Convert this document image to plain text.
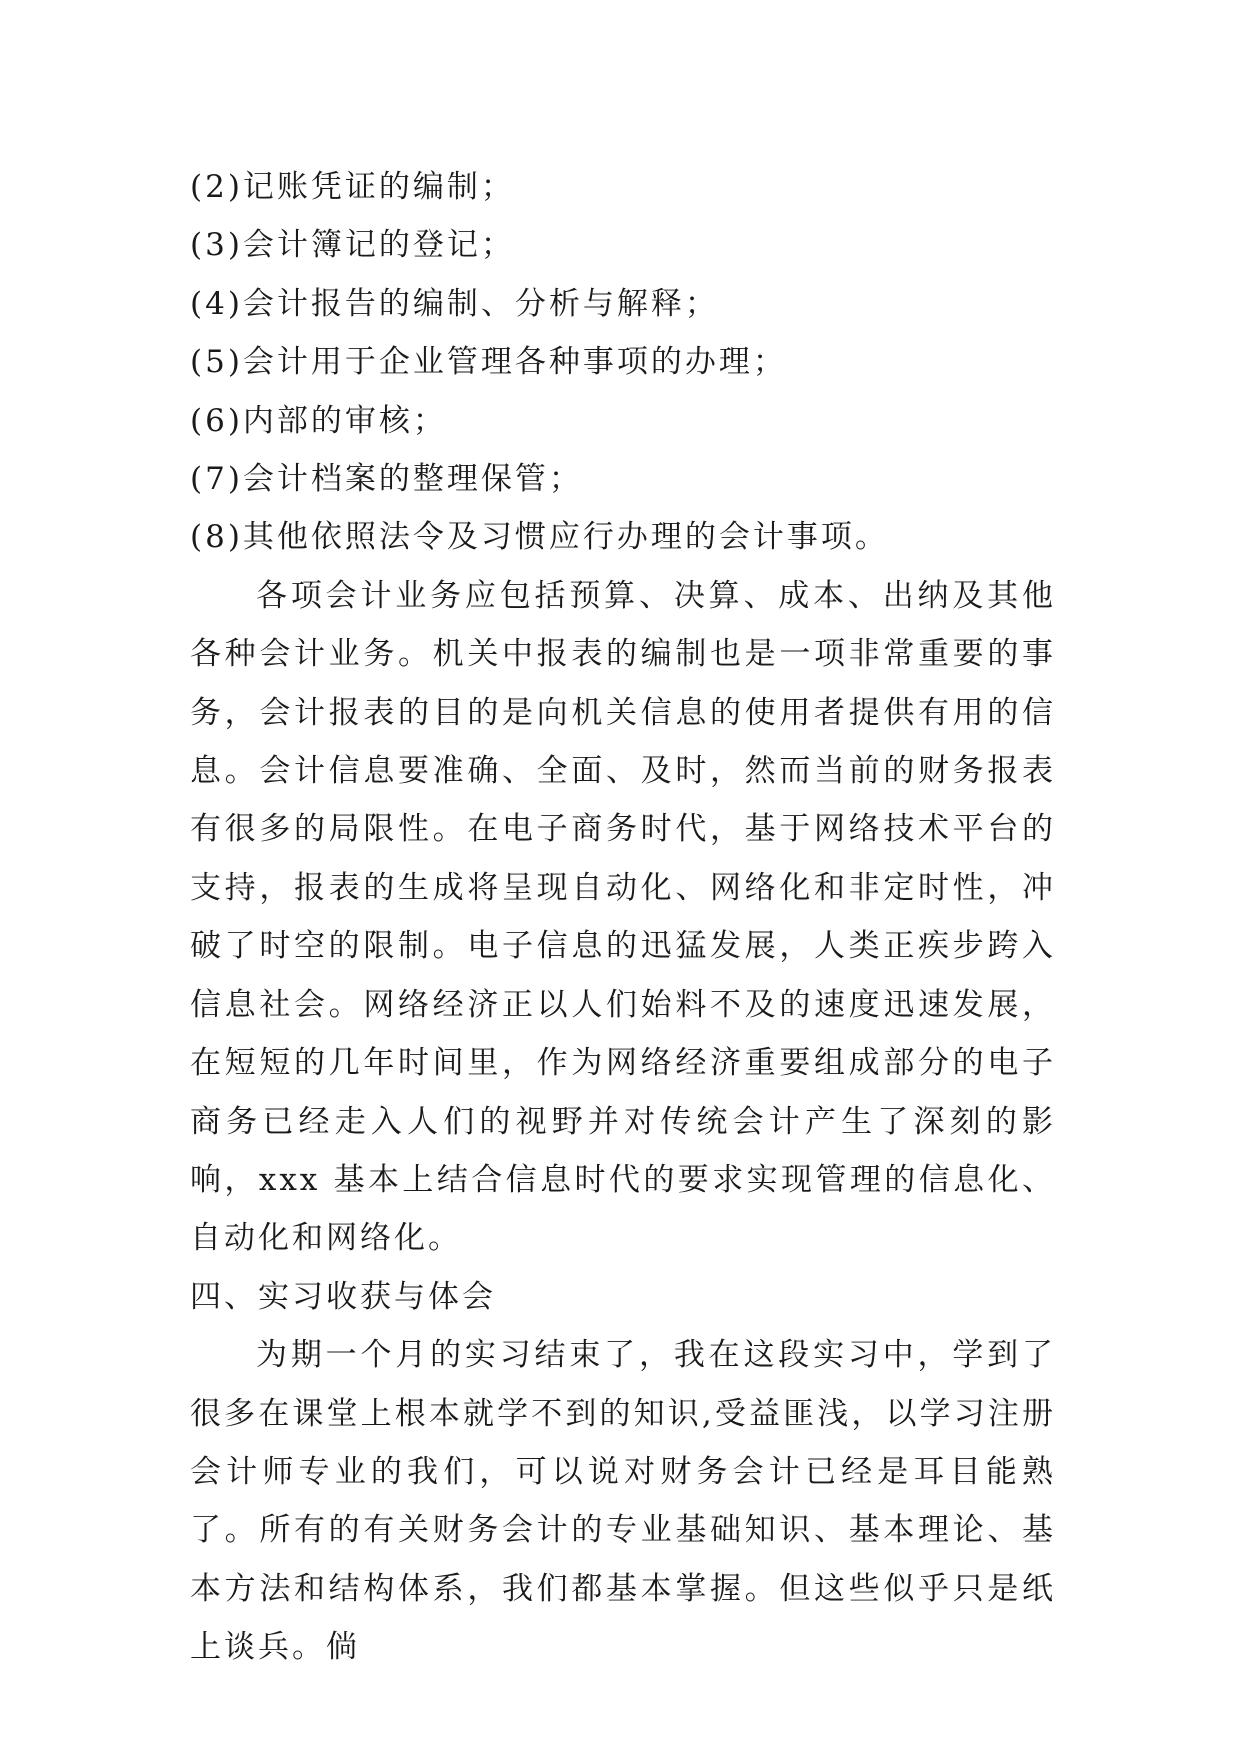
(2)记账凭证的编制；

(3)会计簿记的登记；

(4)会计报告的编制、分析与解释；

(5)会计用于企业管理各种事项的办理；

(6)内部的审核；

(7)会计档案的整理保管；

(8)其他依照法令及习惯应行办理的会计事项。

各项会计业务应包括预算、决算、成本、出纳及其他各种会计业务。机关中报表的编制也是一项非常重要的事务，会计报表的目的是向机关信息的使用者提供有用的信息。会计信息要准确、全面、及时，然而当前的财务报表有很多的局限性。在电子商务时代，基于网络技术平台的支持，报表的生成将呈现自动化、网络化和非定时性，冲破了时空的限制。电子信息的迅猛发展，人类正疾步跨入信息社会。网络经济正以人们始料不及的速度迅速发展，在短短的几年时间里，作为网络经济重要组成部分的电子商务已经走入人们的视野并对传统会计产生了深刻的影响，xxx 基本上结合信息时代的要求实现管理的信息化、自动化和网络化。

四、实习收获与体会

为期一个月的实习结束了，我在这段实习中，学到了很多在课堂上根本就学不到的知识,受益匪浅，以学习注册会计师专业的我们，可以说对财务会计已经是耳目能熟了。所有的有关财务会计的专业基础知识、基本理论、基本方法和结构体系，我们都基本掌握。但这些似乎只是纸上谈兵。倘
